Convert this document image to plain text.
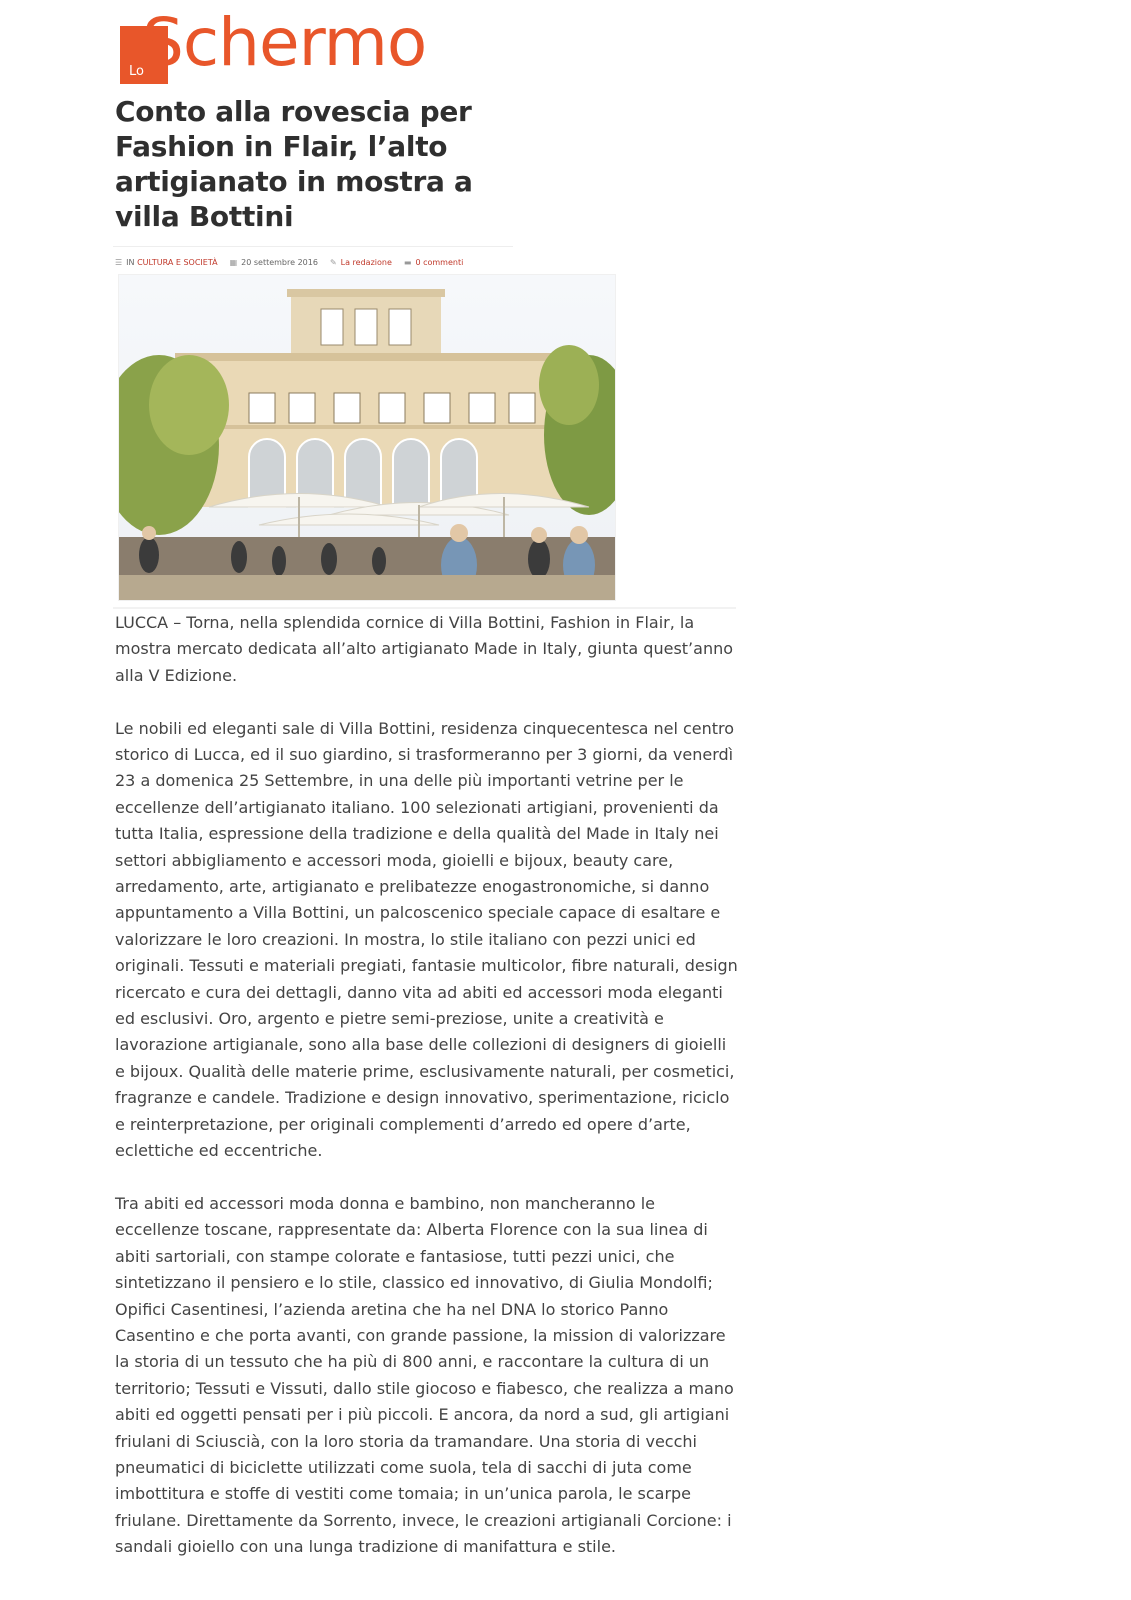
Lo
Schermo
Conto alla rovescia per Fashion in Flair, l’alto artigianato in mostra a villa Bottini
☰ IN
CULTURA E SOCIETÀ ▦ 20 settembre 2016 ✎ La redazione ▬ 0 commenti

LUCCA – Torna, nella splendida cornice di Villa Bottini, Fashion in Flair, la mostra mercato dedicata all’alto artigianato Made in Italy, giunta quest’anno alla V Edizione.

Le nobili ed eleganti sale di Villa Bottini, residenza cinquecentesca nel centro storico di Lucca, ed il suo giardino, si trasformeranno per 3 giorni, da venerdì 23 a domenica 25 Settembre, in una delle più importanti vetrine per le eccellenze dell’artigianato italiano. 100 selezionati artigiani, provenienti da tutta Italia, espressione della tradizione e della qualità del Made in Italy nei settori abbigliamento e accessori moda, gioielli e bijoux, beauty care, arredamento, arte, artigianato e prelibatezze enogastronomiche, si danno appuntamento a Villa Bottini, un palcoscenico speciale capace di esaltare e valorizzare le loro creazioni. In mostra, lo stile italiano con pezzi unici ed originali. Tessuti e materiali pregiati, fantasie multicolor, fibre naturali, design ricercato e cura dei dettagli, danno vita ad abiti ed accessori moda eleganti ed esclusivi. Oro, argento e pietre semi-preziose, unite a creatività e lavorazione artigianale, sono alla base delle collezioni di designers di gioielli e bijoux. Qualità delle materie prime, esclusivamente naturali, per cosmetici, fragranze e candele. Tradizione e design innovativo, sperimentazione, riciclo e reinterpretazione, per originali complementi d’arredo ed opere d’arte, eclettiche ed eccentriche.

Tra abiti ed accessori moda donna e bambino, non mancheranno le eccellenze toscane, rappresentate da: Alberta Florence con la sua linea di abiti sartoriali, con stampe colorate e fantasiose, tutti pezzi unici, che sintetizzano il pensiero e lo stile, classico ed innovativo, di Giulia Mondolfi; Opifici Casentinesi, l’azienda aretina che ha nel DNA lo storico Panno Casentino e che porta avanti, con grande passione, la mission di valorizzare la storia di un tessuto che ha più di 800 anni, e raccontare la cultura di un territorio; Tessuti e Vissuti, dallo stile giocoso e fiabesco, che realizza a mano abiti ed oggetti pensati per i più piccoli. E ancora, da nord a sud, gli artigiani friulani di Sciuscià, con la loro storia da tramandare. Una storia di vecchi pneumatici di biciclette utilizzati come suola, tela di sacchi di juta come imbottitura e stoffe di vestiti come tomaia; in un’unica parola, le scarpe friulane. Direttamente da Sorrento, invece, le creazioni artigianali Corcione: i sandali gioiello con una lunga tradizione di manifattura e stile.
